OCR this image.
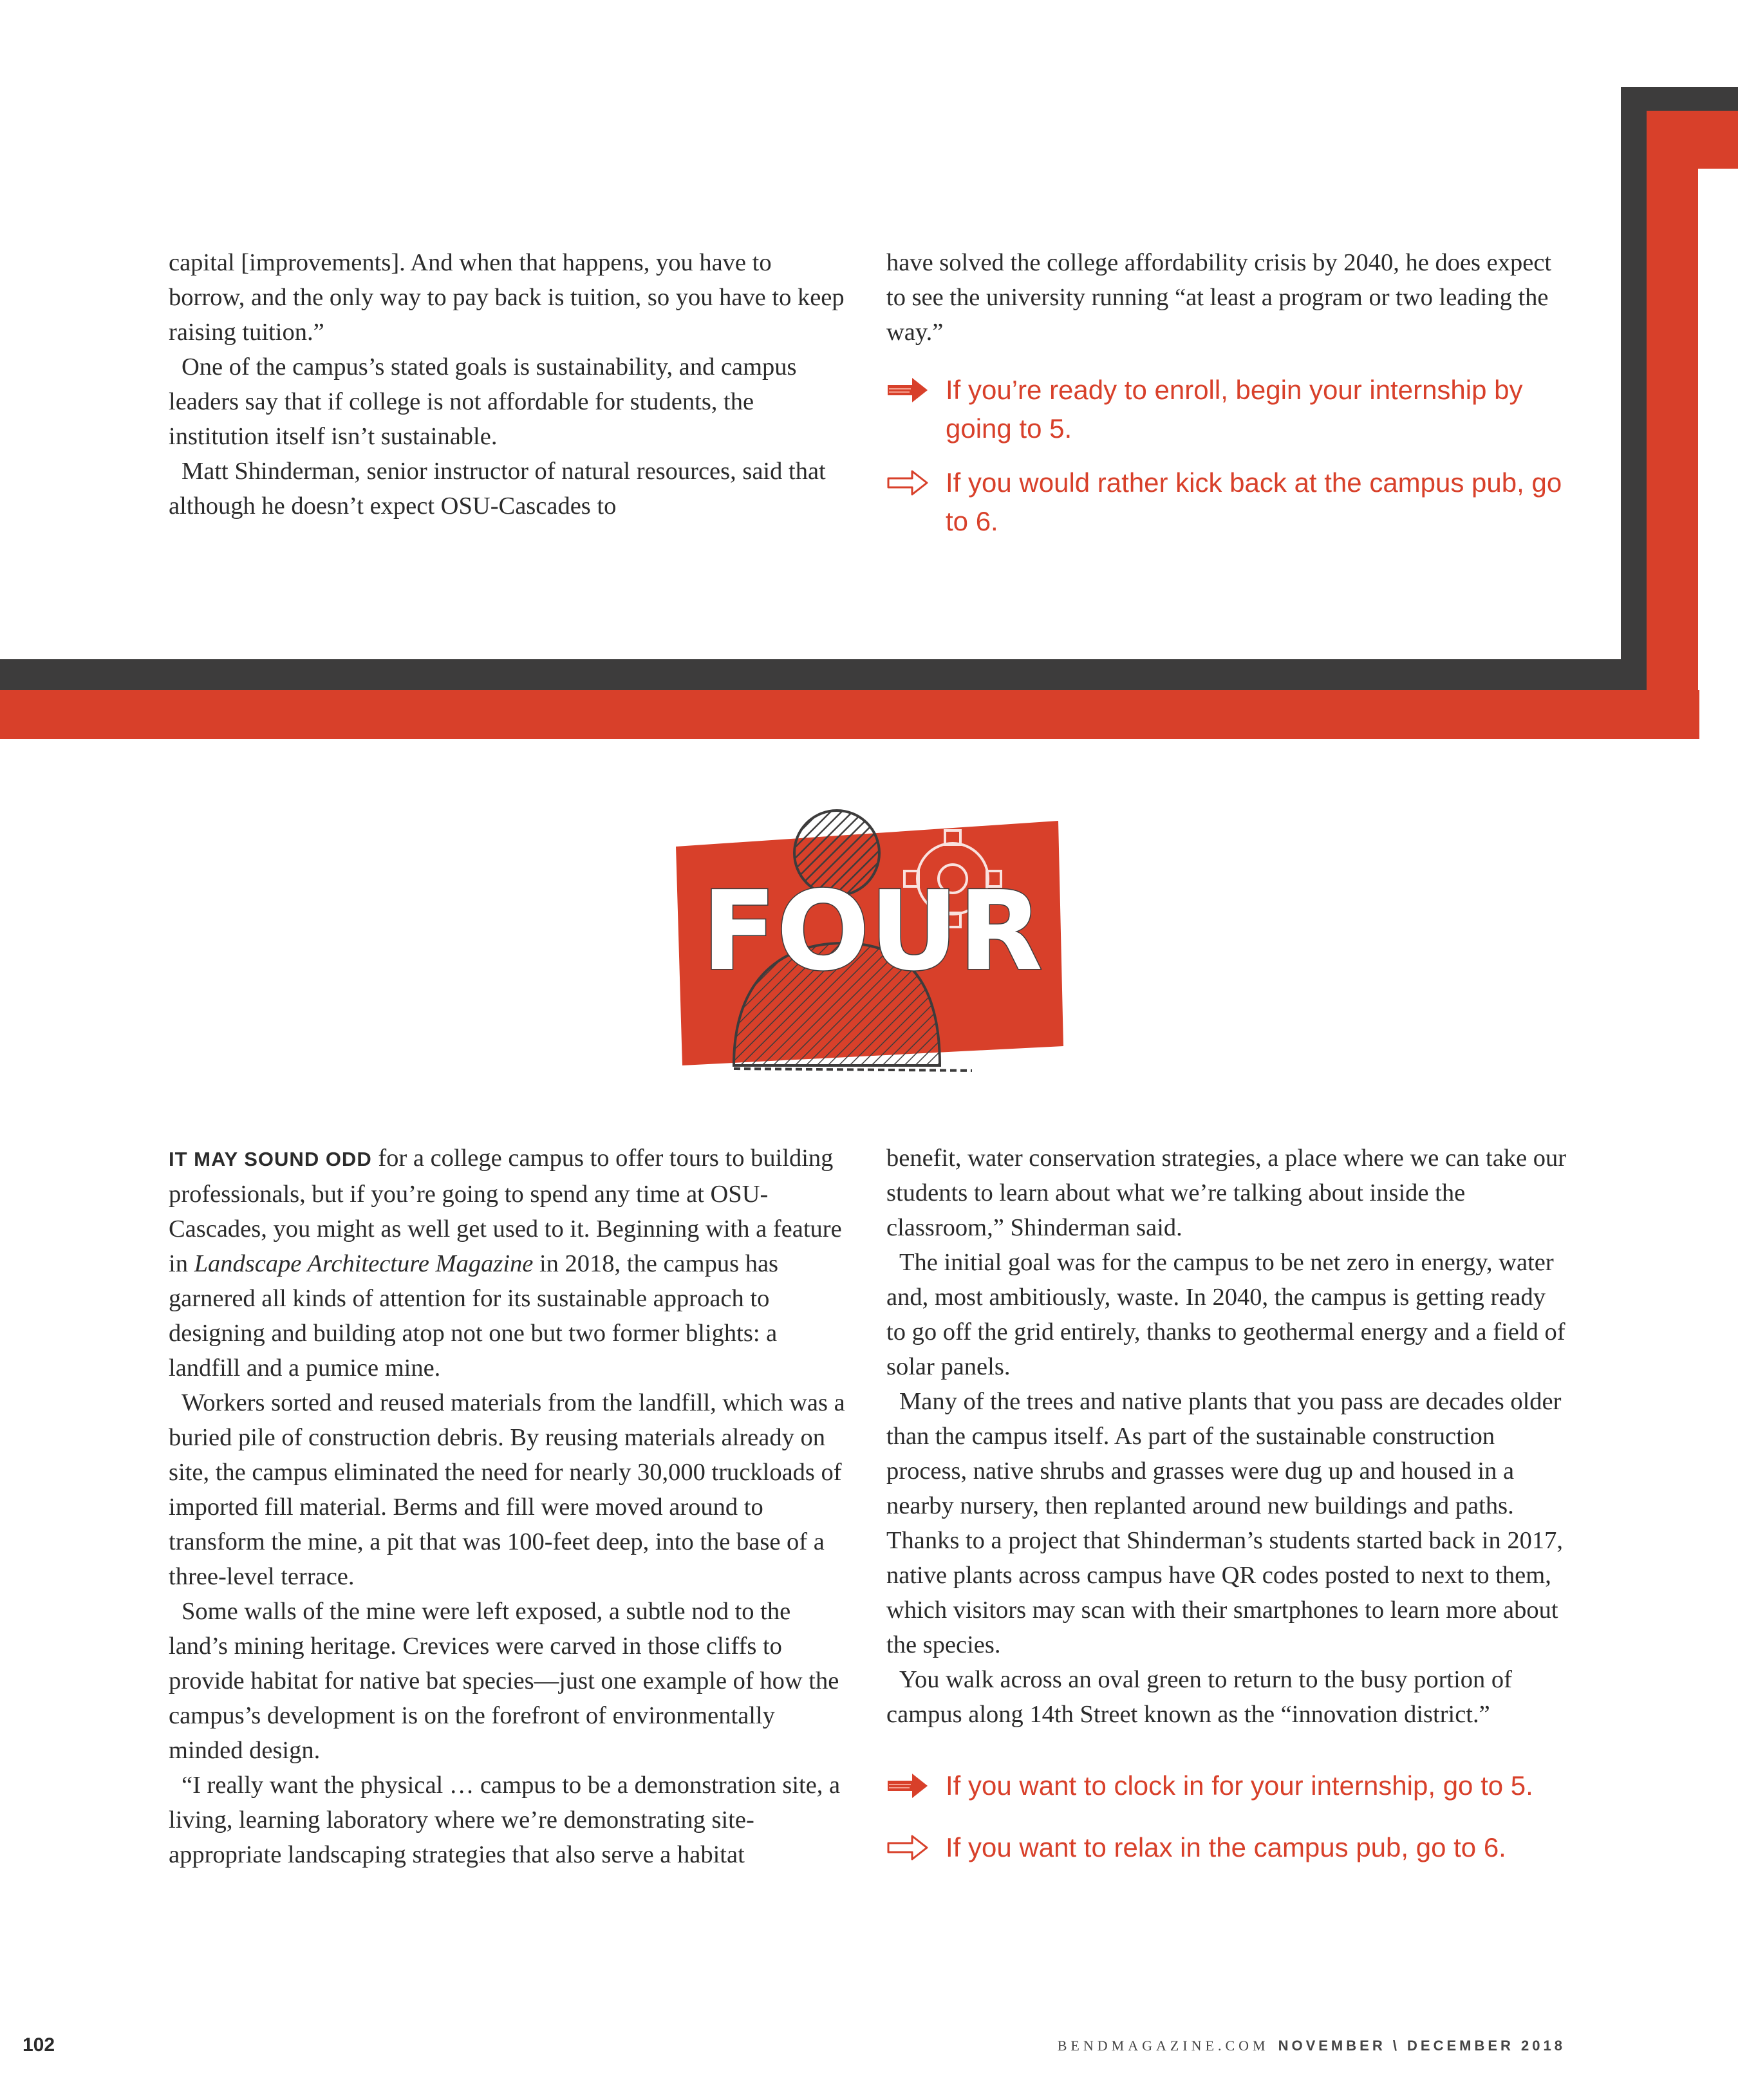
capital [improvements]. And when that happens, you have to borrow, and the only way to pay back is tuition, so you have to keep raising tuition.”

One of the campus’s stated goals is sustainability, and campus leaders say that if college is not affordable for students, the institution itself isn’t sustainable.

Matt Shinderman, senior instructor of natural resources, said that although he doesn’t expect OSU-Cascades to

have solved the college affordability crisis by 2040, he does expect to see the university running “at least a program or two leading the way.”

If you’re ready to enroll, begin your internship by going to 5.
If you would rather kick back at the campus pub, go to 6.
FOUR

IT MAY SOUND ODD for a college campus to offer tours to building professionals, but if you’re going to spend any time at OSU-Cascades, you might as well get used to it. Beginning with a feature in Landscape Architecture Magazine in 2018, the campus has garnered all kinds of attention for its sustainable approach to designing and building atop not one but two former blights: a landfill and a pumice mine.

Workers sorted and reused materials from the landfill, which was a buried pile of construction debris. By reusing materials already on site, the campus eliminated the need for nearly 30,000 truckloads of imported fill material. Berms and fill were moved around to transform the mine, a pit that was 100-feet deep, into the base of a three-level terrace.

Some walls of the mine were left exposed, a subtle nod to the land’s mining heritage. Crevices were carved in those cliffs to provide habitat for native bat species—just one example of how the campus’s development is on the forefront of environmentally minded design.

“I really want the physical … campus to be a demonstration site, a living, learning laboratory where we’re demonstrating site-appropriate landscaping strategies that also serve a habitat

benefit, water conservation strategies, a place where we can take our students to learn about what we’re talking about inside the classroom,” Shinderman said.

The initial goal was for the campus to be net zero in energy, water and, most ambitiously, waste. In 2040, the campus is getting ready to go off the grid entirely, thanks to geothermal energy and a field of solar panels.

Many of the trees and native plants that you pass are decades older than the campus itself. As part of the sustainable construction process, native shrubs and grasses were dug up and housed in a nearby nursery, then replanted around new buildings and paths. Thanks to a project that Shinderman’s students started back in 2017, native plants across campus have QR codes posted to next to them, which visitors may scan with their smartphones to learn more about the species.

You walk across an oval green to return to the busy portion of campus along 14th Street known as the “innovation district.”

If you want to clock in for your internship, go to 5.
If you want to relax in the campus pub, go to 6.
102	BENDMAGAZINE.COM NOVEMBER \ DECEMBER 2018
